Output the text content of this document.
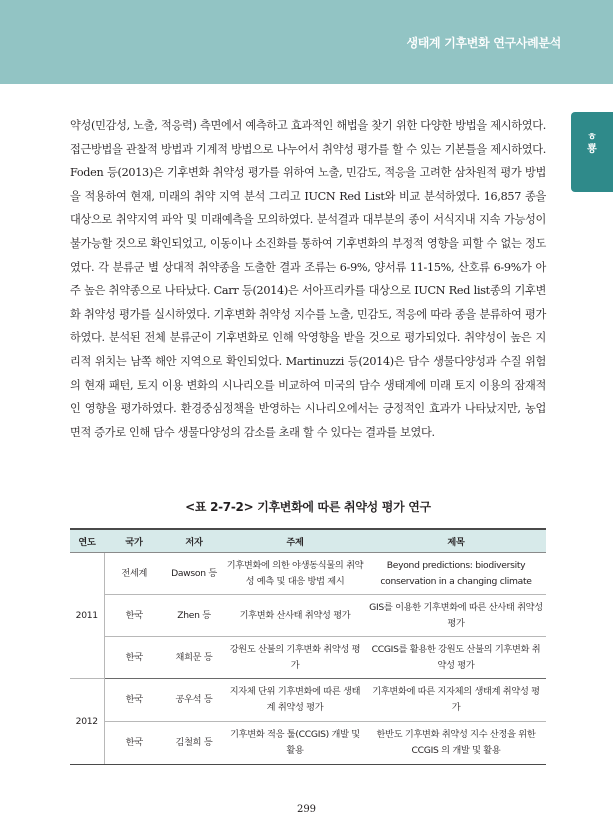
생태계 기후변화 연구사례분석
ㅎ 뿅

약성(민감성, 노출, 적응력) 측면에서 예측하고 효과적인 해법을 찾기 위한 다양한 방법을 제시하였다. 접근방법을 관찰적 방법과 기계적 방법으로 나누어서 취약성 평가를 할 수 있는 기본틀을 제시하였다. Foden 등(2013)은 기후변화 취약성 평가를 위하여 노출, 민감도, 적응을 고려한 삼차원적 평가 방법을 적용하여 현재, 미래의 취약 지역 분석 그리고 IUCN Red List와 비교 분석하였다. 16,857 종을 대상으로 취약지역 파악 및 미래예측을 모의하였다. 분석결과 대부분의 종이 서식지내 지속 가능성이 불가능할 것으로 확인되었고, 이동이나 소진화를 통하여 기후변화의 부정적 영향을 피할 수 없는 정도였다. 각 분류군 별 상대적 취약종을 도출한 결과 조류는 6-9%, 양서류 11-15%, 산호류 6-9%가 아주 높은 취약종으로 나타났다. Carr 등(2014)은 서아프리카를 대상으로 IUCN Red list종의 기후변화 취약성 평가를 실시하였다. 기후변화 취약성 지수를 노출, 민감도, 적응에 따라 종을 분류하여 평가하였다. 분석된 전체 분류군이 기후변화로 인해 악영향을 받을 것으로 평가되었다. 취약성이 높은 지리적 위치는 남쪽 해안 지역으로 확인되었다. Martinuzzi 등(2014)은 담수 생물다양성과 수질 위험의 현재 패턴, 토지 이용 변화의 시나리오를 비교하여 미국의 담수 생태계에 미래 토지 이용의 잠재적인 영향을 평가하였다. 환경중심정책을 반영하는 시나리오에서는 긍정적인 효과가 나타났지만, 농업면적 증가로 인해 담수 생물다양성의 감소를 초래 할 수 있다는 결과를 보였다.

<표 2-7-2> 기후변화에 따른 취약성 평가 연구
연도	국가	저자	주제	제목
2011	전세계	Dawson 등	기후변화에 의한 야생동식물의 취약성 예측 및 대응 방법 제시	Beyond predictions: biodiversity conservation in a changing climate
	한국	Zhen 등	기후변화 산사태 취약성 평가	GIS를 이용한 기후변화에 따른 산사태 취약성 평가
	한국	채희문 등	강원도 산불의 기후변화 취약성 평가	CCGIS를 활용한 강원도 산불의 기후변화 취약성 평가
2012	한국	공우석 등	지자체 단위 기후변화에 따른 생태계 취약성 평가	기후변화에 따른 지자체의 생태계 취약성 평가
	한국	김철희 등	기후변화 적응 툴(CCGIS) 개발 및 활용	한반도 기후변화 취약성 지수 산정을 위한 CCGIS 의 개발 및 활용
299
